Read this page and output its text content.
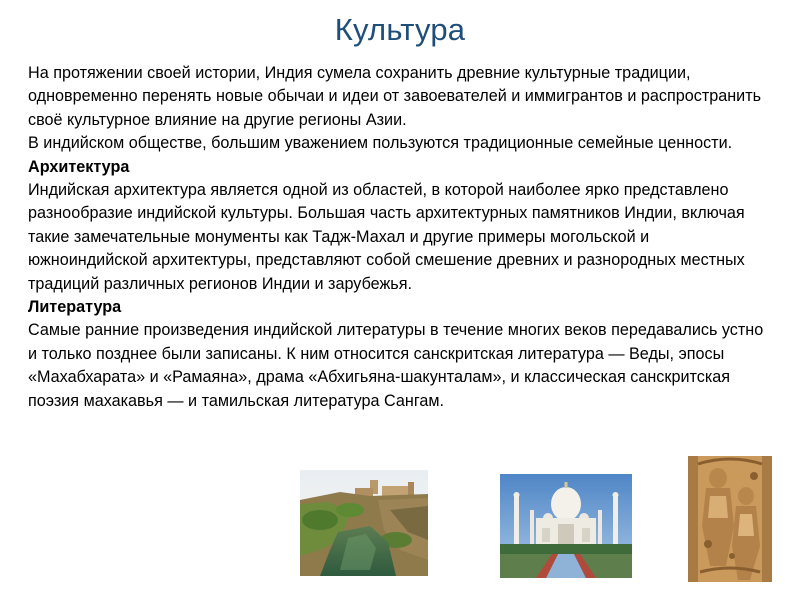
Культура

На протяжении своей истории, Индия сумела сохранить древние культурные традиции, одновременно перенять новые обычаи и идеи от завоевателей и иммигрантов и распространить своё культурное влияние на другие регионы Азии.

В индийском обществе, большим уважением пользуются традиционные семейные ценности.

Архитектура

Индийская архитектура является одной из областей, в которой наиболее ярко представлено разнообразие индийской культуры. Большая часть архитектурных памятников Индии, включая такие замечательные монументы как Тадж-Махал и другие примеры могольской и южноиндийской архитектуры, представляют собой смешение древних и разнородных местных традиций различных регионов Индии и зарубежья.

Литература

Самые ранние произведения индийской литературы в течение многих веков передавались устно и только позднее были записаны. К ним относится санскритская литература — Веды, эпосы «Махабхарата» и «Рамаяна», драма «Абхигьяна-шакунталам», и классическая санскритская поэзия махакавья — и тамильская литература Сангам.
